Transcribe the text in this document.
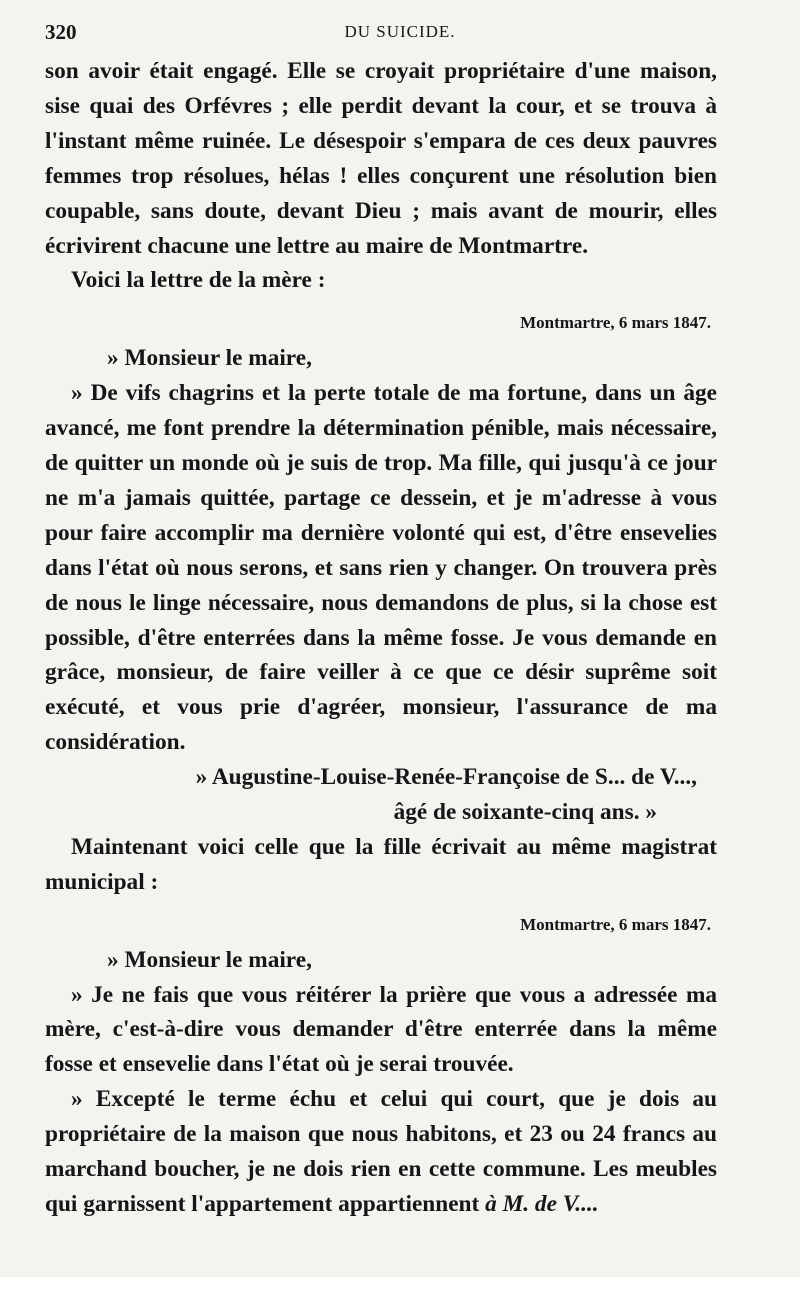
320	DU SUICIDE.

son avoir était engagé. Elle se croyait propriétaire d'une maison, sise quai des Orfévres ; elle perdit devant la cour, et se trouva à l'instant même ruinée. Le désespoir s'empara de ces deux pauvres femmes trop résolues, hélas ! elles conçurent une résolution bien coupable, sans doute, devant Dieu ; mais avant de mourir, elles écrivirent chacune une lettre au maire de Montmartre.

Voici la lettre de la mère :

Montmartre, 6 mars 1847.

» Monsieur le maire,

» De vifs chagrins et la perte totale de ma fortune, dans un âge avancé, me font prendre la détermination pénible, mais nécessaire, de quitter un monde où je suis de trop. Ma fille, qui jusqu'à ce jour ne m'a jamais quittée, partage ce dessein, et je m'adresse à vous pour faire accomplir ma dernière volonté qui est, d'être ensevelies dans l'état où nous serons, et sans rien y changer. On trouvera près de nous le linge nécessaire, nous demandons de plus, si la chose est possible, d'être enterrées dans la même fosse. Je vous demande en grâce, monsieur, de faire veiller à ce que ce désir suprême soit exécuté, et vous prie d'agréer, monsieur, l'assurance de ma considération.

» Augustine-Louise-Renée-Françoise de S... de V...,
âgé de soixante-cinq ans. »

Maintenant voici celle que la fille écrivait au même magistrat municipal :

Montmartre, 6 mars 1847.

» Monsieur le maire,

» Je ne fais que vous réitérer la prière que vous a adressée ma mère, c'est-à-dire vous demander d'être enterrée dans la même fosse et ensevelie dans l'état où je serai trouvée.

» Excepté le terme échu et celui qui court, que je dois au propriétaire de la maison que nous habitons, et 23 ou 24 francs au marchand boucher, je ne dois rien en cette commune. Les meubles qui garnissent l'appartement appartiennent à M. de V....
